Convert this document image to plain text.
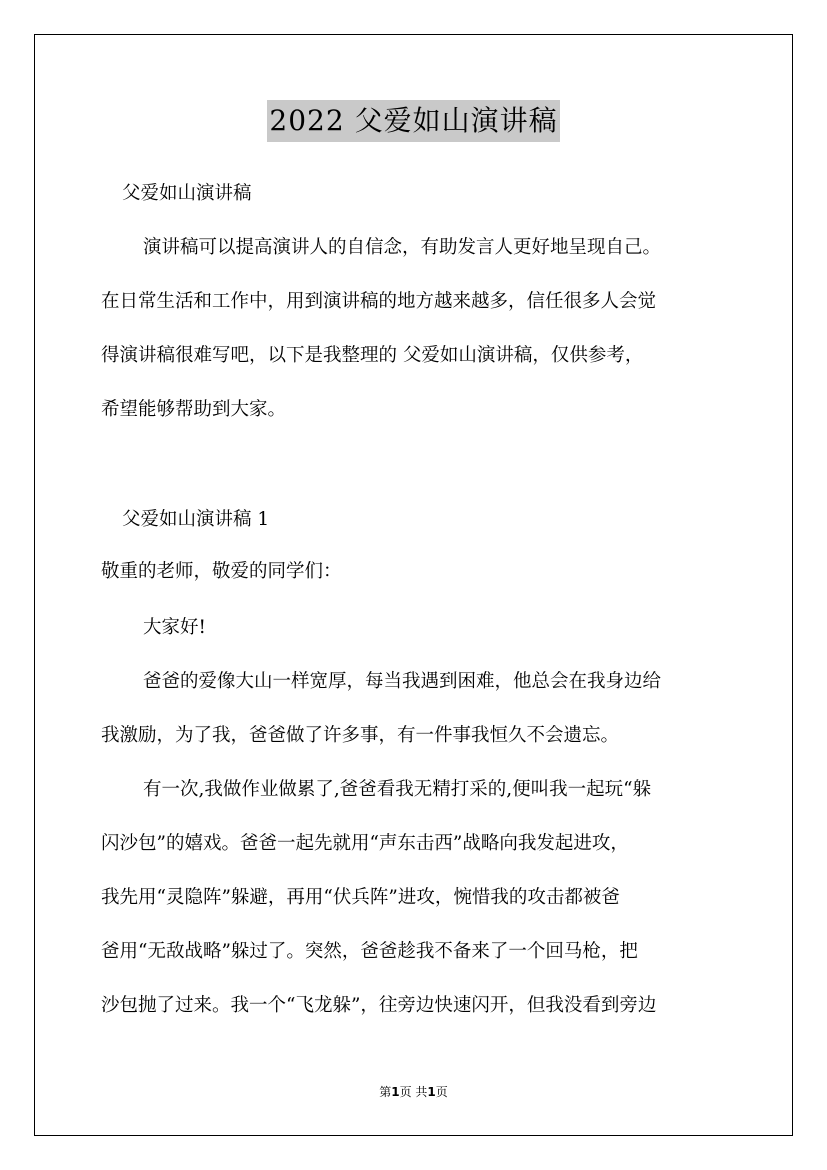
2022 父爱如山演讲稿
父爱如山演讲稿
演讲稿可以提高演讲人的自信念，有助发言人更好地呈现自己。
在日常生活和工作中，用到演讲稿的地方越来越多，信任很多人会觉
得演讲稿很难写吧，以下是我整理的 父爱如山演讲稿，仅供参考，
希望能够帮助到大家。
父爱如山演讲稿 1
敬重的老师，敬爱的同学们：
大家好!
爸爸的爱像大山一样宽厚，每当我遇到困难，他总会在我身边给
我激励，为了我，爸爸做了许多事，有一件事我恒久不会遗忘。
有一次,我做作业做累了,爸爸看我无精打采的,便叫我一起玩“躲
闪沙包”的嬉戏。爸爸一起先就用“声东击西”战略向我发起进攻，
我先用“灵隐阵”躲避，再用“伏兵阵”进攻，惋惜我的攻击都被爸
爸用“无敌战略”躲过了。突然，爸爸趁我不备来了一个回马枪，把
沙包抛了过来。我一个“飞龙躲”，往旁边快速闪开，但我没看到旁边
第1页 共1页
